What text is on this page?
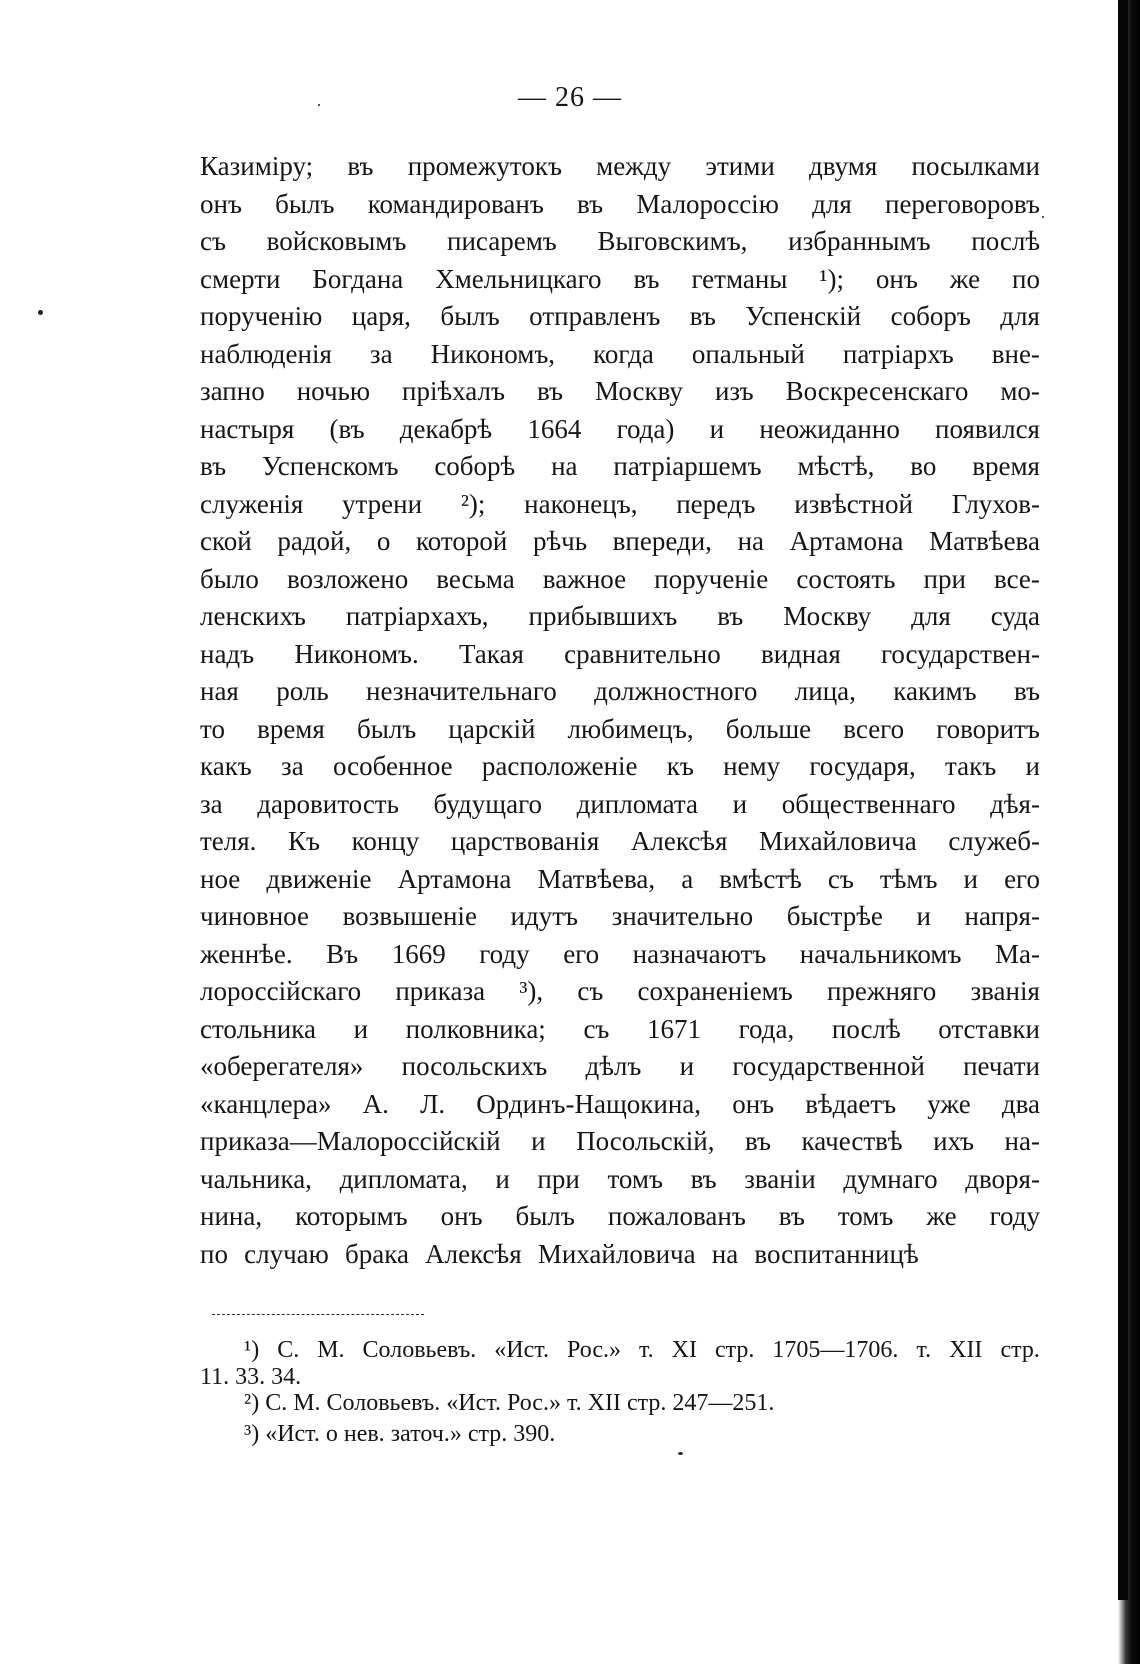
— 26 —
Казиміру; въ промежутокъ между этими двумя посылками
онъ былъ командированъ въ Малороссію для переговоровъ
съ войсковымъ писаремъ Выговскимъ, избраннымъ послѣ
смерти Богдана Хмельницкаго въ гетманы ¹); онъ же по
порученію царя, былъ отправленъ въ Успенскій соборъ для
наблюденія за Никономъ, когда опальный патріархъ вне-
запно ночью пріѣхалъ въ Москву изъ Воскресенскаго мо-
настыря (въ декабрѣ 1664 года) и неожиданно появился
въ Успенскомъ соборѣ на патріаршемъ мѣстѣ, во время
служенія утрени ²); наконецъ, передъ извѣстной Глухов-
ской радой, о которой рѣчь впереди, на Артамона Матвѣева
было возложено весьма важное порученіе состоять при все-
ленскихъ патріархахъ, прибывшихъ въ Москву для суда
надъ Никономъ. Такая сравнительно видная государствен-
ная роль незначительнаго должностного лица, какимъ въ
то время былъ царскій любимецъ, больше всего говоритъ
какъ за особенное расположеніе къ нему государя, такъ и
за даровитость будущаго дипломата и общественнаго дѣя-
теля. Къ концу царствованія Алексѣя Михайловича служеб-
ное движеніе Артамона Матвѣева, а вмѣстѣ съ тѣмъ и его
чиновное возвышеніе идутъ значительно быстрѣе и напря-
женнѣе. Въ 1669 году его назначаютъ начальникомъ Ма-
лороссійскаго приказа ³), съ сохраненіемъ прежняго званія
стольника и полковника; съ 1671 года, послѣ отставки
«оберегателя» посольскихъ дѣлъ и государственной печати
«канцлера» А. Л. Ординъ-Нащокина, онъ вѣдаетъ уже два
приказа—Малороссійскій и Посольскій, въ качествѣ ихъ на-
чальника, дипломата, и при томъ въ званіи думнаго дворя-
нина, которымъ онъ былъ пожалованъ въ томъ же году
по случаю брака Алексѣя Михайловича на воспитанницѣ
¹) С. М. Соловьевъ. «Ист. Рос.» т. XI стр. 1705—1706. т. XII стр.
11. 33. 34.
²) С. М. Соловьевъ. «Ист. Рос.» т. XII стр. 247—251.
³) «Ист. о нев. заточ.» стр. 390.
